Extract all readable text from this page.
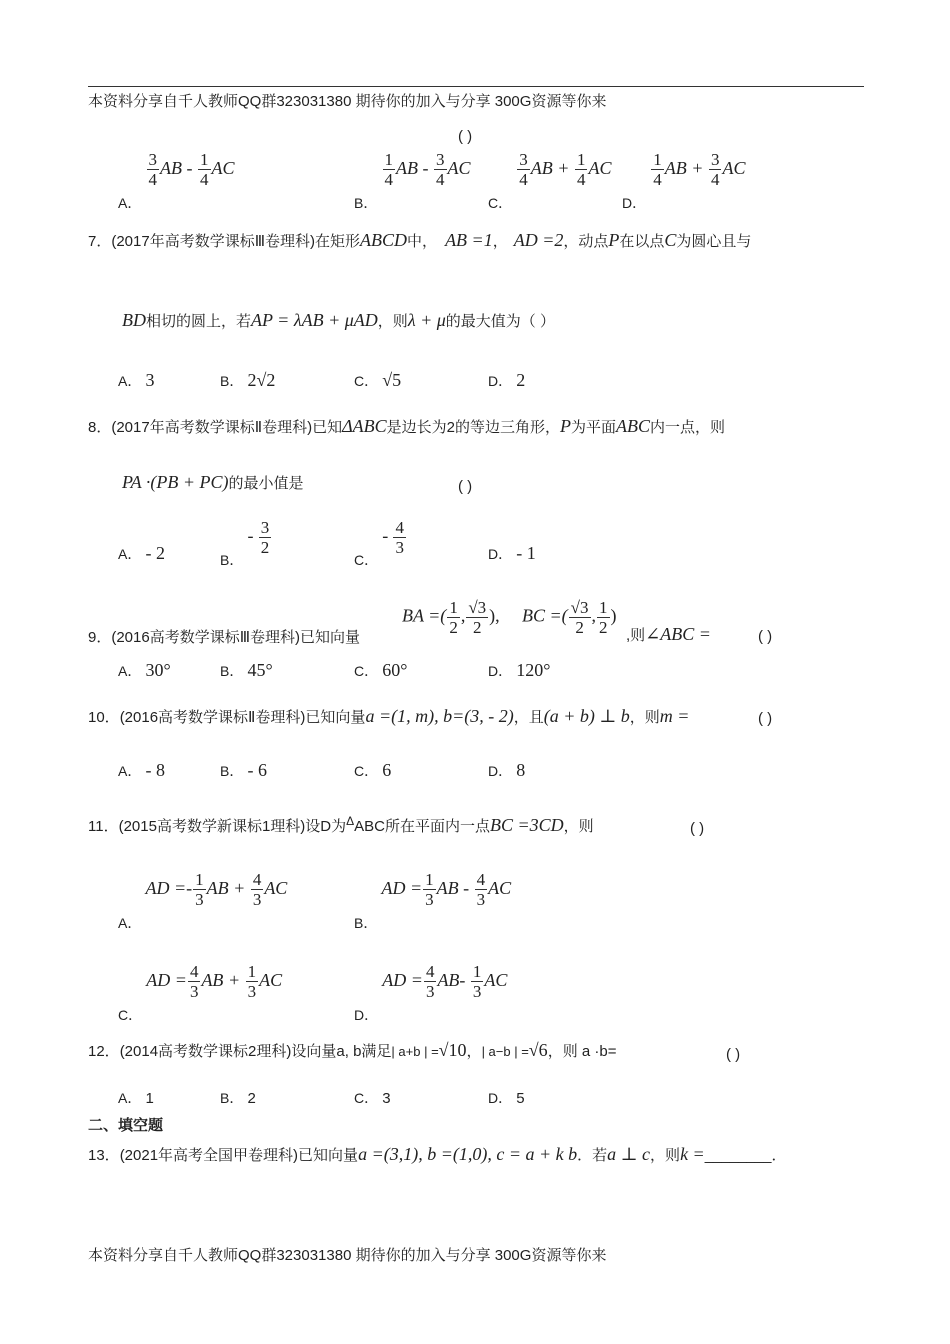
本资料分享自千人教师QQ群323031380 期待你的加入与分享 300G资源等你来
( )
A．
$\frac{3}{4}$ AB - $\frac{1}{4}$ AC
B．
$\frac{1}{4}$ AB - $\frac{3}{4}$ AC
C．
$\frac{3}{4}$ AB + $\frac{1}{4}$ AC
D．
$\frac{1}{4}$ AB + $\frac{3}{4}$ AC
7．(2017年高考数学课标Ⅲ卷理科)在矩形ABCD中， AB =1， AD =2，动点P在以点C为圆心且与
BD相切的圆上，若AP = λAB + μAD，则λ + μ的最大值为（ ）
A． 3	B． 2√2	C． √5	D． 2
8．(2017年高考数学课标Ⅱ卷理科)已知ΔABC是边长为2的等边三角形，P为平面ABC内一点，则
PA ·(PB + PC)的最小值是	( )
A． - 2	B． - $\frac{3}{2}$
C． - $\frac{4}{3}$	D． - 1
9．(2016高考数学课标Ⅲ卷理科)已知向量
BA =( $\frac{1}{2}$ , $\frac{√3}{2}$ ), BC =( $\frac{√3}{2}$ , $\frac{1}{2}$ )
,则∠ABC =	( )
A． 30°	B． 45°	C． 60°	D． 120°
10．(2016高考数学课标Ⅱ卷理科)已知向量a =(1, m), b=(3, - 2)，且(a + b) ⊥ b，则m =	( )
A． - 8	B． - 6	C． 6	D． 8
11．(2015高考数学新课标1理科)设D为$^\Delta$ABC所在平面内一点BC =3CD，则	( )
A． AD =- $\frac{1}{3}$ AB + $\frac{4}{3}$ AC
B． AD = $\frac{1}{3}$ AB - $\frac{4}{3}$ AC
C． AD = $\frac{4}{3}$ AB + $\frac{1}{3}$ AC
D． AD = $\frac{4}{3} AB- \frac{1}{3}$ AC
12．(2014高考数学课标2理科)设向量a, b满足| a+b | =√10，| a−b | =√6，则 a ·b=	( )
A． 1	B． 2	C． 3	D． 5
二、填空题
13．(2021年高考全国甲卷理科)已知向量a =(3,1), b =(1,0), c = a + k b．若a ⊥ c，则k =________．
本资料分享自千人教师QQ群323031380 期待你的加入与分享 300G资源等你来
